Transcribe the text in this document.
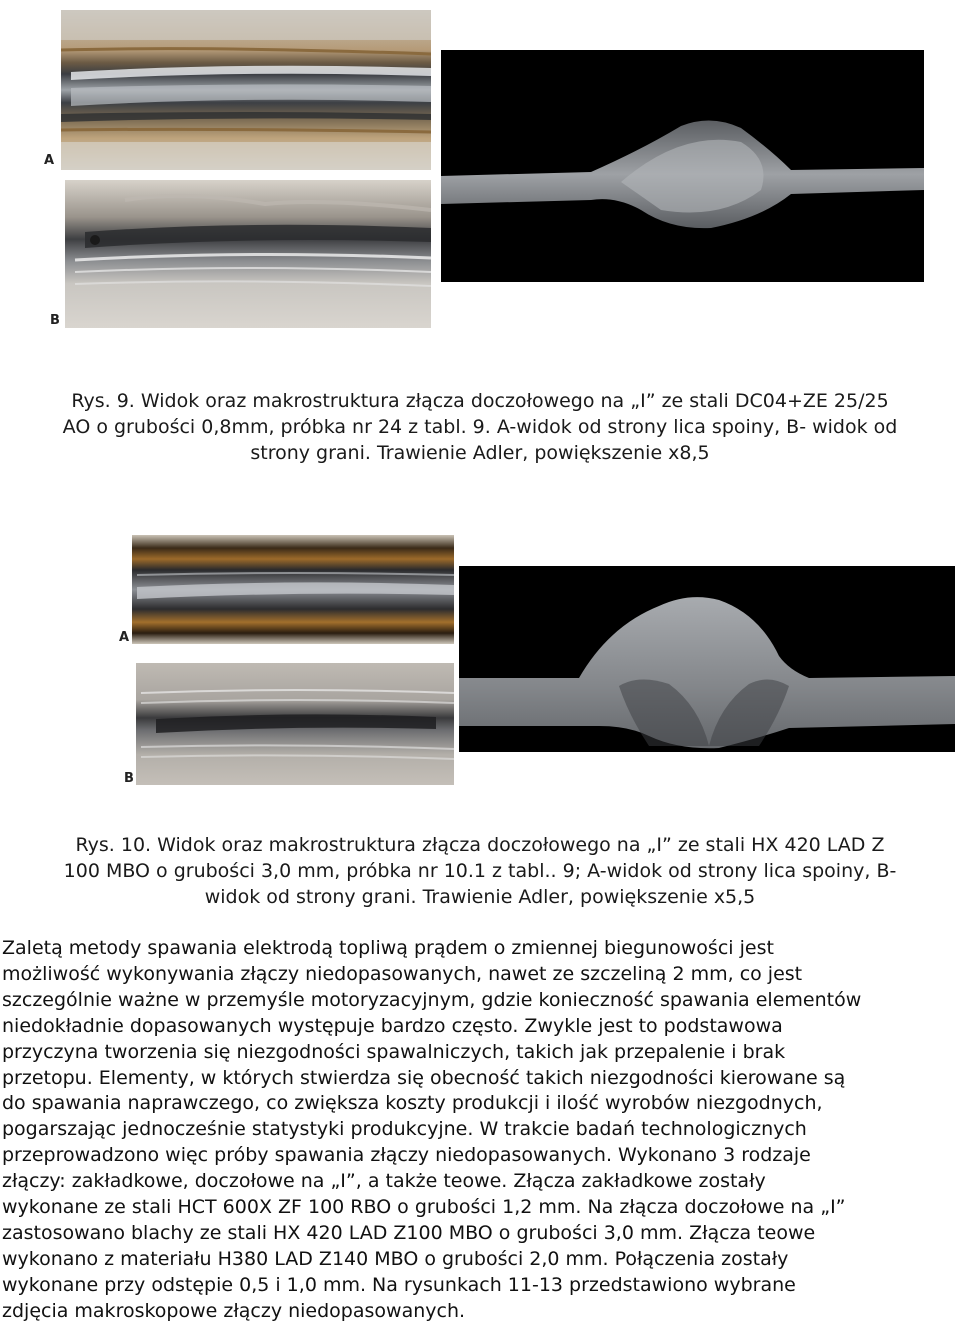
A
B
Rys. 9. Widok oraz makrostruktura złącza doczołowego na „I” ze stali DC04+ZE 25/25
AO o grubości 0,8mm, próbka nr 24 z tabl. 9. A-widok od strony lica spoiny, B- widok od
strony grani. Trawienie Adler, powiększenie x8,5
A
B
Rys. 10. Widok oraz makrostruktura złącza doczołowego na „I” ze stali HX 420 LAD Z
100 MBO o grubości 3,0 mm, próbka nr 10.1 z tabl.. 9; A-widok od strony lica spoiny, B-
widok od strony grani. Trawienie Adler, powiększenie x5,5
Zaletą metody spawania elektrodą topliwą prądem o zmiennej biegunowości jest
możliwość wykonywania złączy niedopasowanych, nawet ze szczeliną 2 mm, co jest
szczególnie ważne w przemyśle motoryzacyjnym, gdzie konieczność spawania elementów
niedokładnie dopasowanych występuje bardzo często. Zwykle jest to podstawowa
przyczyna tworzenia się niezgodności spawalniczych, takich jak przepalenie i brak
przetopu. Elementy, w których stwierdza się obecność takich niezgodności kierowane są
do spawania naprawczego, co zwiększa koszty produkcji i ilość wyrobów niezgodnych,
pogarszając jednocześnie statystyki produkcyjne. W trakcie badań technologicznych
przeprowadzono więc próby spawania złączy niedopasowanych. Wykonano 3 rodzaje
złączy: zakładkowe, doczołowe na „I”, a także teowe. Złącza zakładkowe zostały
wykonane ze stali HCT 600X ZF 100 RBO o grubości 1,2 mm. Na złącza doczołowe na „I”
zastosowano blachy ze stali HX 420 LAD Z100 MBO o grubości 3,0 mm. Złącza teowe
wykonano z materiału H380 LAD Z140 MBO o grubości 2,0 mm. Połączenia zostały
wykonane przy odstępie 0,5 i 1,0 mm. Na rysunkach 11-13 przedstawiono wybrane
zdjęcia makroskopowe złączy niedopasowanych.
